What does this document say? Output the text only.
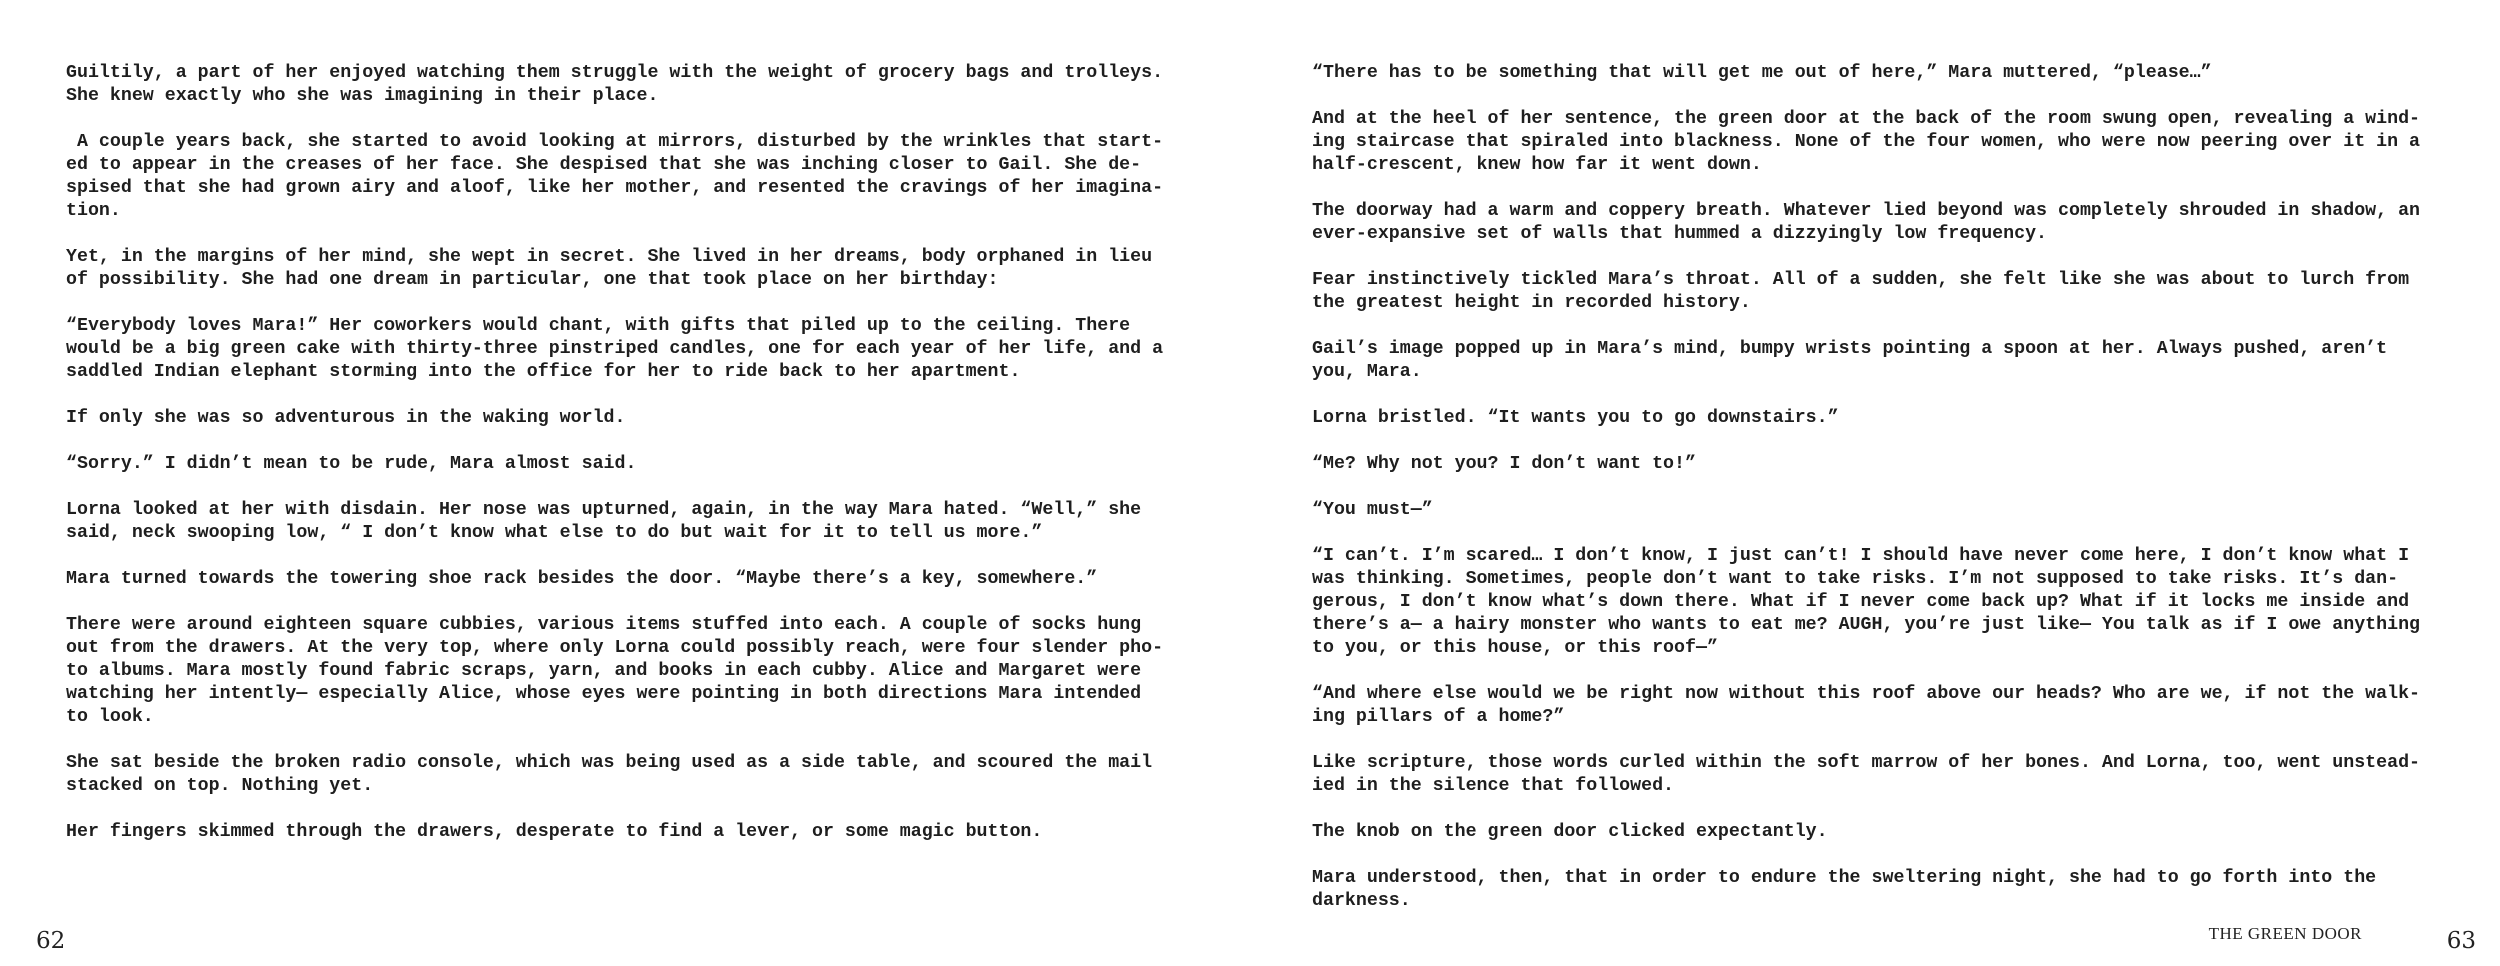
Guiltily, a part of her enjoyed watching them struggle with the weight of grocery bags and trolleys.
She knew exactly who she was imagining in their place.

A couple years back, she started to avoid looking at mirrors, disturbed by the wrinkles that start-
ed to appear in the creases of her face. She despised that she was inching closer to Gail. She de-
spised that she had grown airy and aloof, like her mother, and resented the cravings of her imagina-
tion.

Yet, in the margins of her mind, she wept in secret. She lived in her dreams, body orphaned in lieu
of possibility. She had one dream in particular, one that took place on her birthday:

“Everybody loves Mara!” Her coworkers would chant, with gifts that piled up to the ceiling. There
would be a big green cake with thirty-three pinstriped candles, one for each year of her life, and a
saddled Indian elephant storming into the office for her to ride back to her apartment.

If only she was so adventurous in the waking world.

“Sorry.” I didn’t mean to be rude, Mara almost said.

Lorna looked at her with disdain. Her nose was upturned, again, in the way Mara hated. “Well,” she
said, neck swooping low, “ I don’t know what else to do but wait for it to tell us more.”

Mara turned towards the towering shoe rack besides the door. “Maybe there’s a key, somewhere.”

There were around eighteen square cubbies, various items stuffed into each. A couple of socks hung
out from the drawers. At the very top, where only Lorna could possibly reach, were four slender pho-
to albums. Mara mostly found fabric scraps, yarn, and books in each cubby. Alice and Margaret were
watching her intently— especially Alice, whose eyes were pointing in both directions Mara intended
to look.

She sat beside the broken radio console, which was being used as a side table, and scoured the mail
stacked on top. Nothing yet.

Her fingers skimmed through the drawers, desperate to find a lever, or some magic button.

62

“There has to be something that will get me out of here,” Mara muttered, “please…”

And at the heel of her sentence, the green door at the back of the room swung open, revealing a wind-
ing staircase that spiraled into blackness. None of the four women, who were now peering over it in a
half-crescent, knew how far it went down.

The doorway had a warm and coppery breath. Whatever lied beyond was completely shrouded in shadow, an
ever-expansive set of walls that hummed a dizzyingly low frequency.

Fear instinctively tickled Mara’s throat. All of a sudden, she felt like she was about to lurch from
the greatest height in recorded history.

Gail’s image popped up in Mara’s mind, bumpy wrists pointing a spoon at her. Always pushed, aren’t
you, Mara.

Lorna bristled. “It wants you to go downstairs.”

“Me? Why not you? I don’t want to!”

“You must—”

“I can’t. I’m scared… I don’t know, I just can’t! I should have never come here, I don’t know what I
was thinking. Sometimes, people don’t want to take risks. I’m not supposed to take risks. It’s dan-
gerous, I don’t know what’s down there. What if I never come back up? What if it locks me inside and
there’s a— a hairy monster who wants to eat me? AUGH, you’re just like— You talk as if I owe anything
to you, or this house, or this roof—”

“And where else would we be right now without this roof above our heads? Who are we, if not the walk-
ing pillars of a home?”

Like scripture, those words curled within the soft marrow of her bones. And Lorna, too, went unstead-
ied in the silence that followed.

The knob on the green door clicked expectantly.

Mara understood, then, that in order to endure the sweltering night, she had to go forth into the
darkness.

THE GREEN DOOR	63
